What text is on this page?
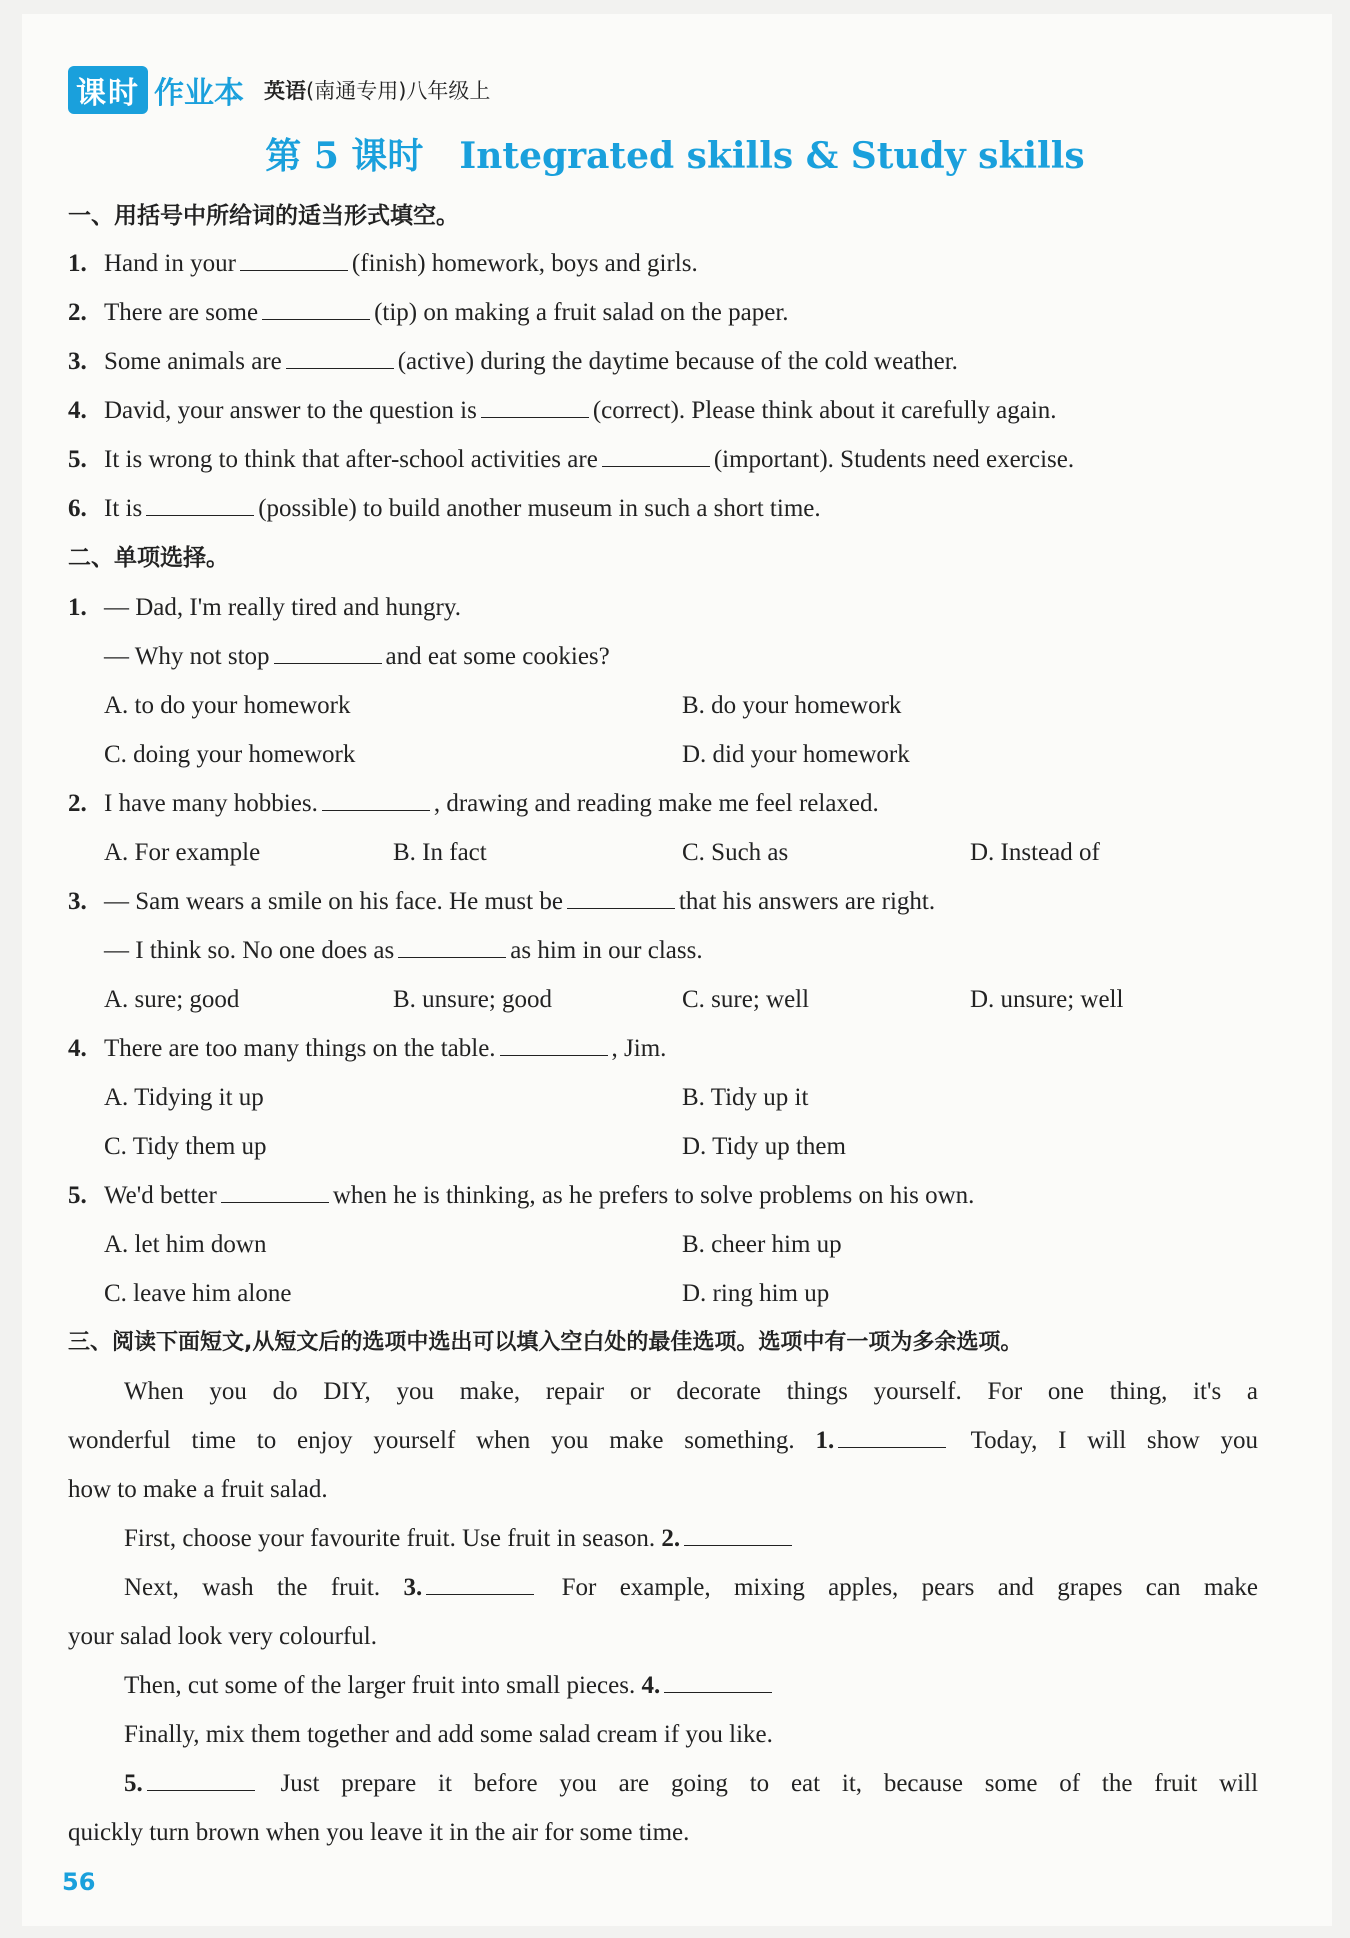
课时 作业本 英语(南通专用)八年级上
第 5 课时 Integrated skills & Study skills
一、用括号中所给词的适当形式填空。
1. Hand in your	(finish) homework, boys and girls.
2. There are some	(tip) on making a fruit salad on the paper.
3. Some animals are	(active) during the daytime because of the cold weather.
4. David, your answer to the question is	(correct). Please think about it carefully again.
5. It is wrong to think that after-school activities are	(important). Students need exercise.
6. It is	(possible) to build another museum in such a short time.
二、单项选择。
1. — Dad, I'm really tired and hungry.
— Why not stop	and eat some cookies?
A. to do your homework	B. do your homework
C. doing your homework	D. did your homework
2. I have many hobbies.	, drawing and reading make me feel relaxed.
A. For example	B. In fact	C. Such as	D. Instead of
3. — Sam wears a smile on his face. He must be	that his answers are right.
— I think so. No one does as	as him in our class.
A. sure; good	B. unsure; good	C. sure; well	D. unsure; well
4. There are too many things on the table.	, Jim.
A. Tidying it up	B. Tidy up it
C. Tidy them up	D. Tidy up them
5. We'd better	when he is thinking, as he prefers to solve problems on his own.
A. let him down	B. cheer him up
C. leave him alone	D. ring him up
三、阅读下面短文,从短文后的选项中选出可以填入空白处的最佳选项。选项中有一项为多余选项。
When you do DIY, you make, repair or decorate things yourself. For one thing, it's a
wonderful time to enjoy yourself when you make something. 1.	Today, I will show you
how to make a fruit salad.
First, choose your favourite fruit. Use fruit in season. 2.
Next, wash the fruit. 3.	For example, mixing apples, pears and grapes can make
your salad look very colourful.
Then, cut some of the larger fruit into small pieces. 4.
Finally, mix them together and add some salad cream if you like.
5.	Just prepare it before you are going to eat it, because some of the fruit will
quickly turn brown when you leave it in the air for some time.
56
